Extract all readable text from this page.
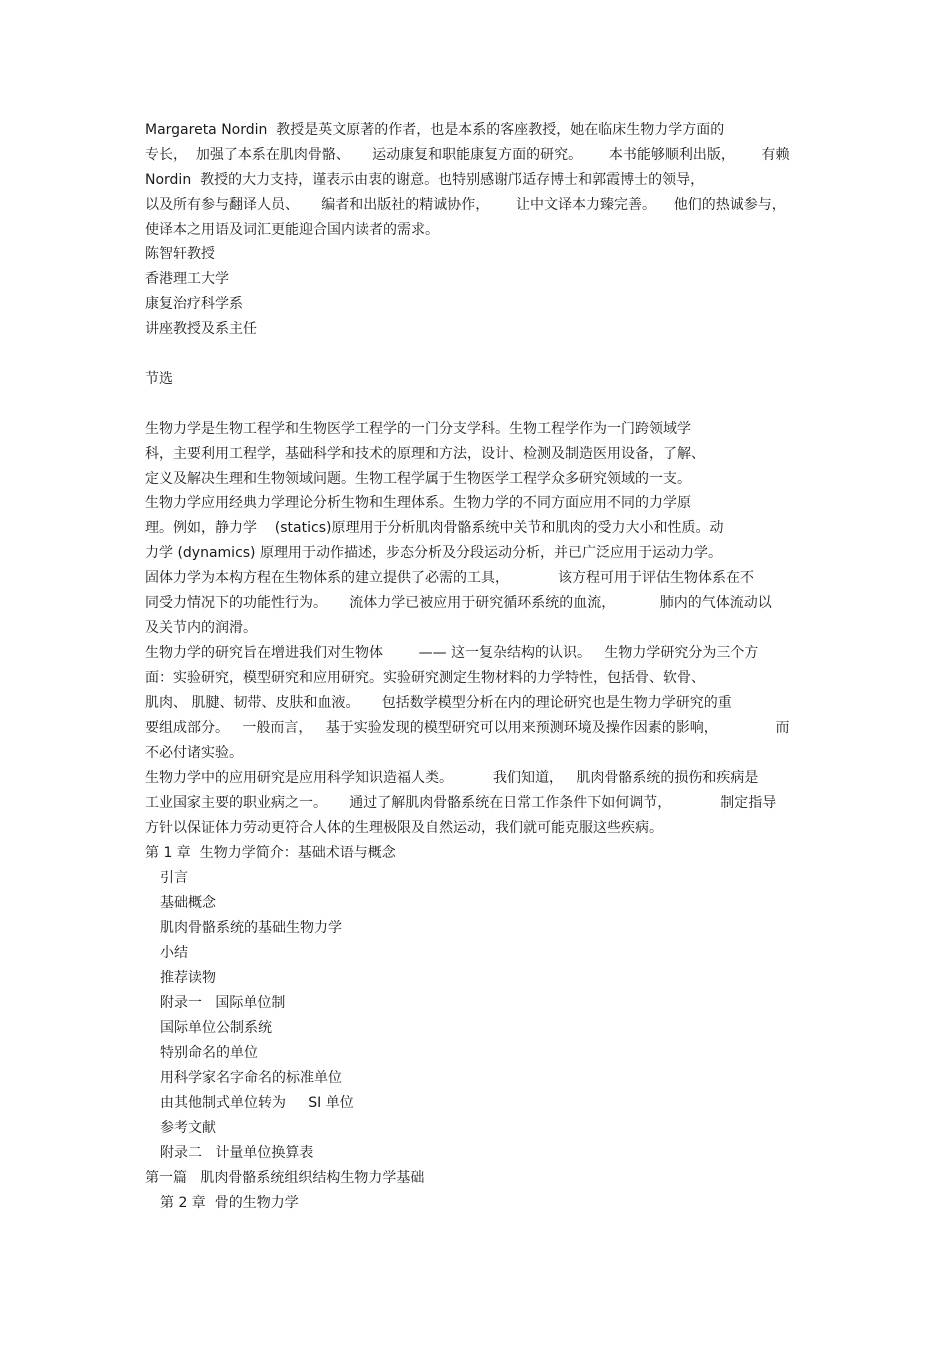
Margareta Nordin  教授是英文原著的作者，也是本系的客座教授，她在临床生物力学方面的
专长，  加强了本系在肌肉骨骼、     运动康复和职能康复方面的研究。      本书能够顺利出版，      有赖
Nordin  教授的大力支持，谨表示由衷的谢意。也特别感谢邝适存博士和郭霞博士的领导，
以及所有参与翻译人员、     编者和出版社的精诚协作，      让中文译本力臻完善。    他们的热诚参与，
使译本之用语及词汇更能迎合国内读者的需求。
陈智轩教授
香港理工大学
康复治疗科学系
讲座教授及系主任
节选
生物力学是生物工程学和生物医学工程学的一门分支学科。生物工程学作为一门跨领域学
科，主要利用工程学，基础科学和技术的原理和方法，设计、检测及制造医用设备，了解、
定义及解决生理和生物领域问题。生物工程学属于生物医学工程学众多研究领域的一支。
生物力学应用经典力学理论分析生物和生理体系。生物力学的不同方面应用不同的力学原
理。例如，静力学    (statics)原理用于分析肌肉骨骼系统中关节和肌肉的受力大小和性质。动
力学 (dynamics) 原理用于动作描述，步态分析及分段运动分析，并已广泛应用于运动力学。
固体力学为本构方程在生物体系的建立提供了必需的工具，           该方程可用于评估生物体系在不
同受力情况下的功能性行为。     流体力学已被应用于研究循环系统的血流，          肺内的气体流动以
及关节内的润滑。
生物力学的研究旨在增进我们对生物体        —— 这一复杂结构的认识。   生物力学研究分为三个方
面：实验研究，模型研究和应用研究。实验研究测定生物材料的力学特性，包括骨、软骨、
肌肉、 肌腱、韧带、皮肤和血液。     包括数学模型分析在内的理论研究也是生物力学研究的重
要组成部分。   一般而言，   基于实验发现的模型研究可以用来预测环境及操作因素的影响，             而
不必付诸实验。
生物力学中的应用研究是应用科学知识造福人类。         我们知道，   肌肉骨骼系统的损伤和疾病是
工业国家主要的职业病之一。     通过了解肌肉骨骼系统在日常工作条件下如何调节，           制定指导
方针以保证体力劳动更符合人体的生理极限及自然运动，我们就可能克服这些疾病。
第 1 章  生物力学简介：基础术语与概念
引言
基础概念
肌肉骨骼系统的基础生物力学
小结
推荐读物
附录一   国际单位制
国际单位公制系统
特别命名的单位
用科学家名字命名的标准单位
由其他制式单位转为     SI 单位
参考文献
附录二   计量单位换算表
第一篇   肌肉骨骼系统组织结构生物力学基础
第 2 章  骨的生物力学
